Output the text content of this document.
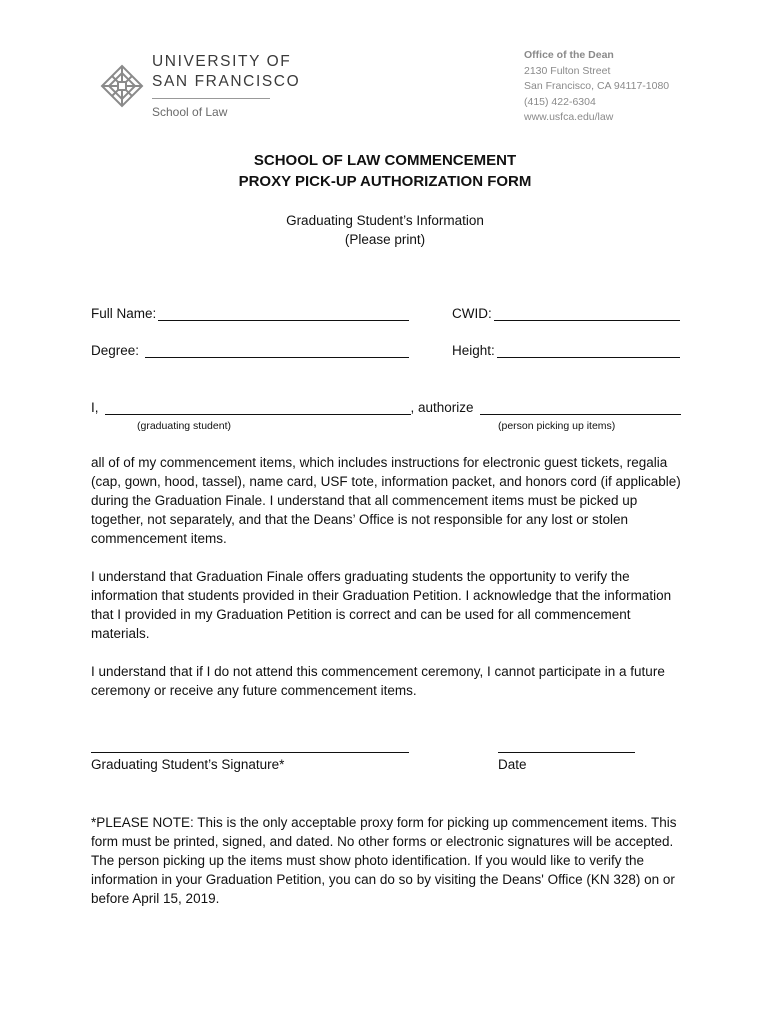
UNIVERSITY OF
SAN FRANCISCO
School of Law
Office of the Dean
2130 Fulton Street
San Francisco, CA 94117-1080
(415) 422-6304
www.usfca.edu/law
SCHOOL OF LAW COMMENCEMENT
PROXY PICK-UP AUTHORIZATION FORM
Graduating Student’s Information
(Please print)
Full Name:	CWID:
Degree:	Height:
I,	, authorize
(graduating student)	(person picking up items)
all of of my commencement items, which includes instructions for electronic guest tickets, regalia (cap, gown, hood, tassel), name card, USF tote, information packet, and honors cord (if applicable) during the Graduation Finale. I understand that all commencement items must be picked up together, not separately, and that the Deans’ Office is not responsible for any lost or stolen commencement items.
I understand that Graduation Finale offers graduating students the opportunity to verify the information that students provided in their Graduation Petition. I acknowledge that the information that I provided in my Graduation Petition is correct and can be used for all commencement materials.
I understand that if I do not attend this commencement ceremony, I cannot participate in a future ceremony or receive any future commencement items.
Graduating Student’s Signature*	Date
*PLEASE NOTE: This is the only acceptable proxy form for picking up commencement items. This form must be printed, signed, and dated. No other forms or electronic signatures will be accepted. The person picking up the items must show photo identification. If you would like to verify the information in your Graduation Petition, you can do so by visiting the Deans' Office (KN 328) on or before April 15, 2019.
